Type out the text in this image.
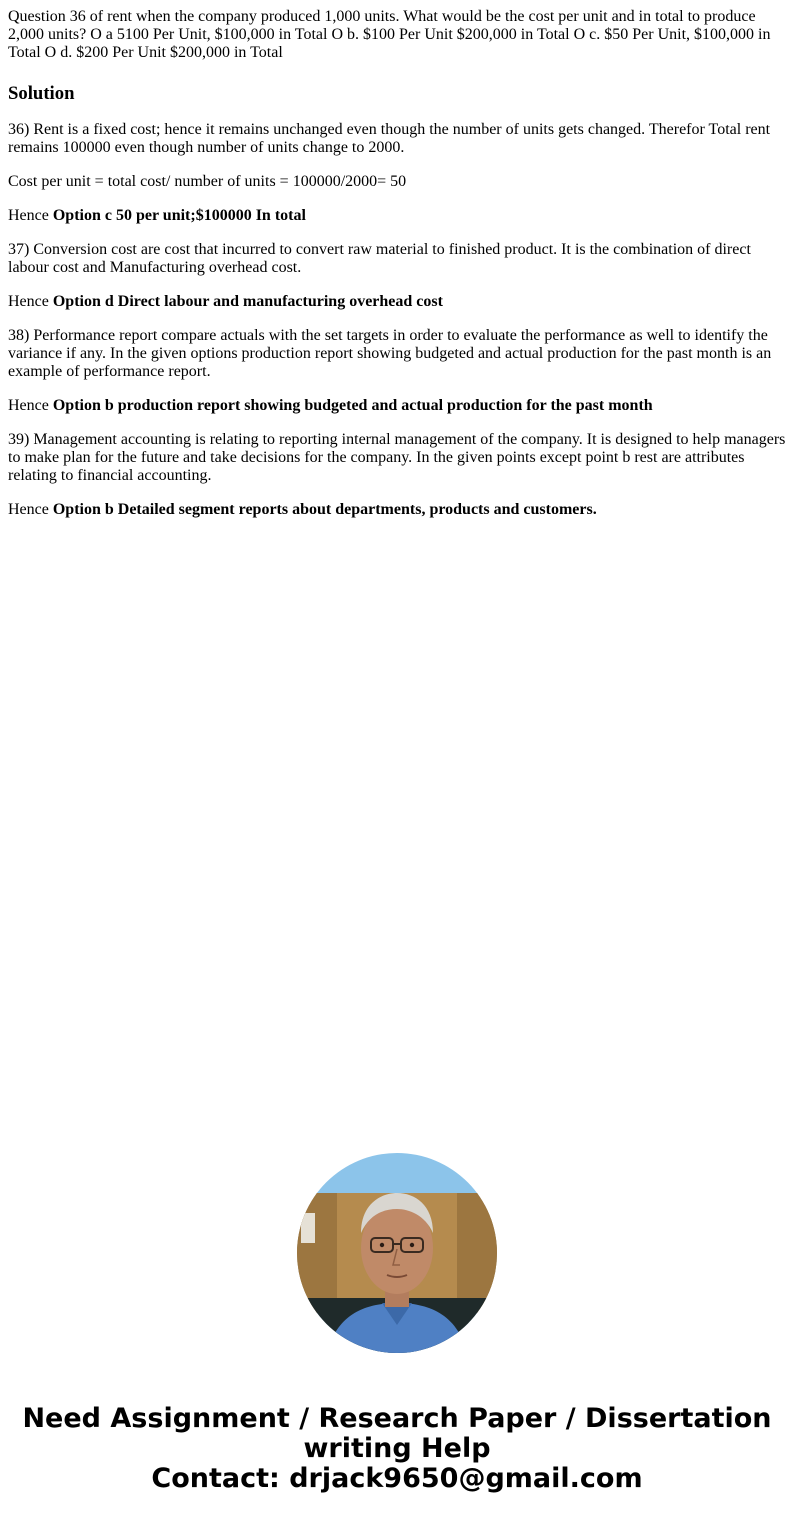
Question 36 of rent when the company produced 1,000 units. What would be the cost per unit and in total to produce 2,000 units? O a 5100 Per Unit, $100,000 in Total O b. $100 Per Unit $200,000 in Total O c. $50 Per Unit, $100,000 in Total O d. $200 Per Unit $200,000 in Total

Solution

36) Rent is a fixed cost; hence it remains unchanged even though the number of units gets changed. Therefor Total rent remains 100000 even though number of units change to 2000.

Cost per unit = total cost/ number of units = 100000/2000= 50

Hence Option c 50 per unit;$100000 In total

37) Conversion cost are cost that incurred to convert raw material to finished product. It is the combination of direct labour cost and Manufacturing overhead cost.

Hence Option d Direct labour and manufacturing overhead cost

38) Performance report compare actuals with the set targets in order to evaluate the performance as well to identify the variance if any. In the given options production report showing budgeted and actual production for the past month is an example of performance report.

Hence Option b production report showing budgeted and actual production for the past month

39) Management accounting is relating to reporting internal management of the company. It is designed to help managers to make plan for the future and take decisions for the company. In the given points except point b rest are attributes relating to financial accounting.

Hence Option b Detailed segment reports about departments, products and customers.

Need Assignment / Research Paper / Dissertation
writing Help
Contact: drjack9650@gmail.com
